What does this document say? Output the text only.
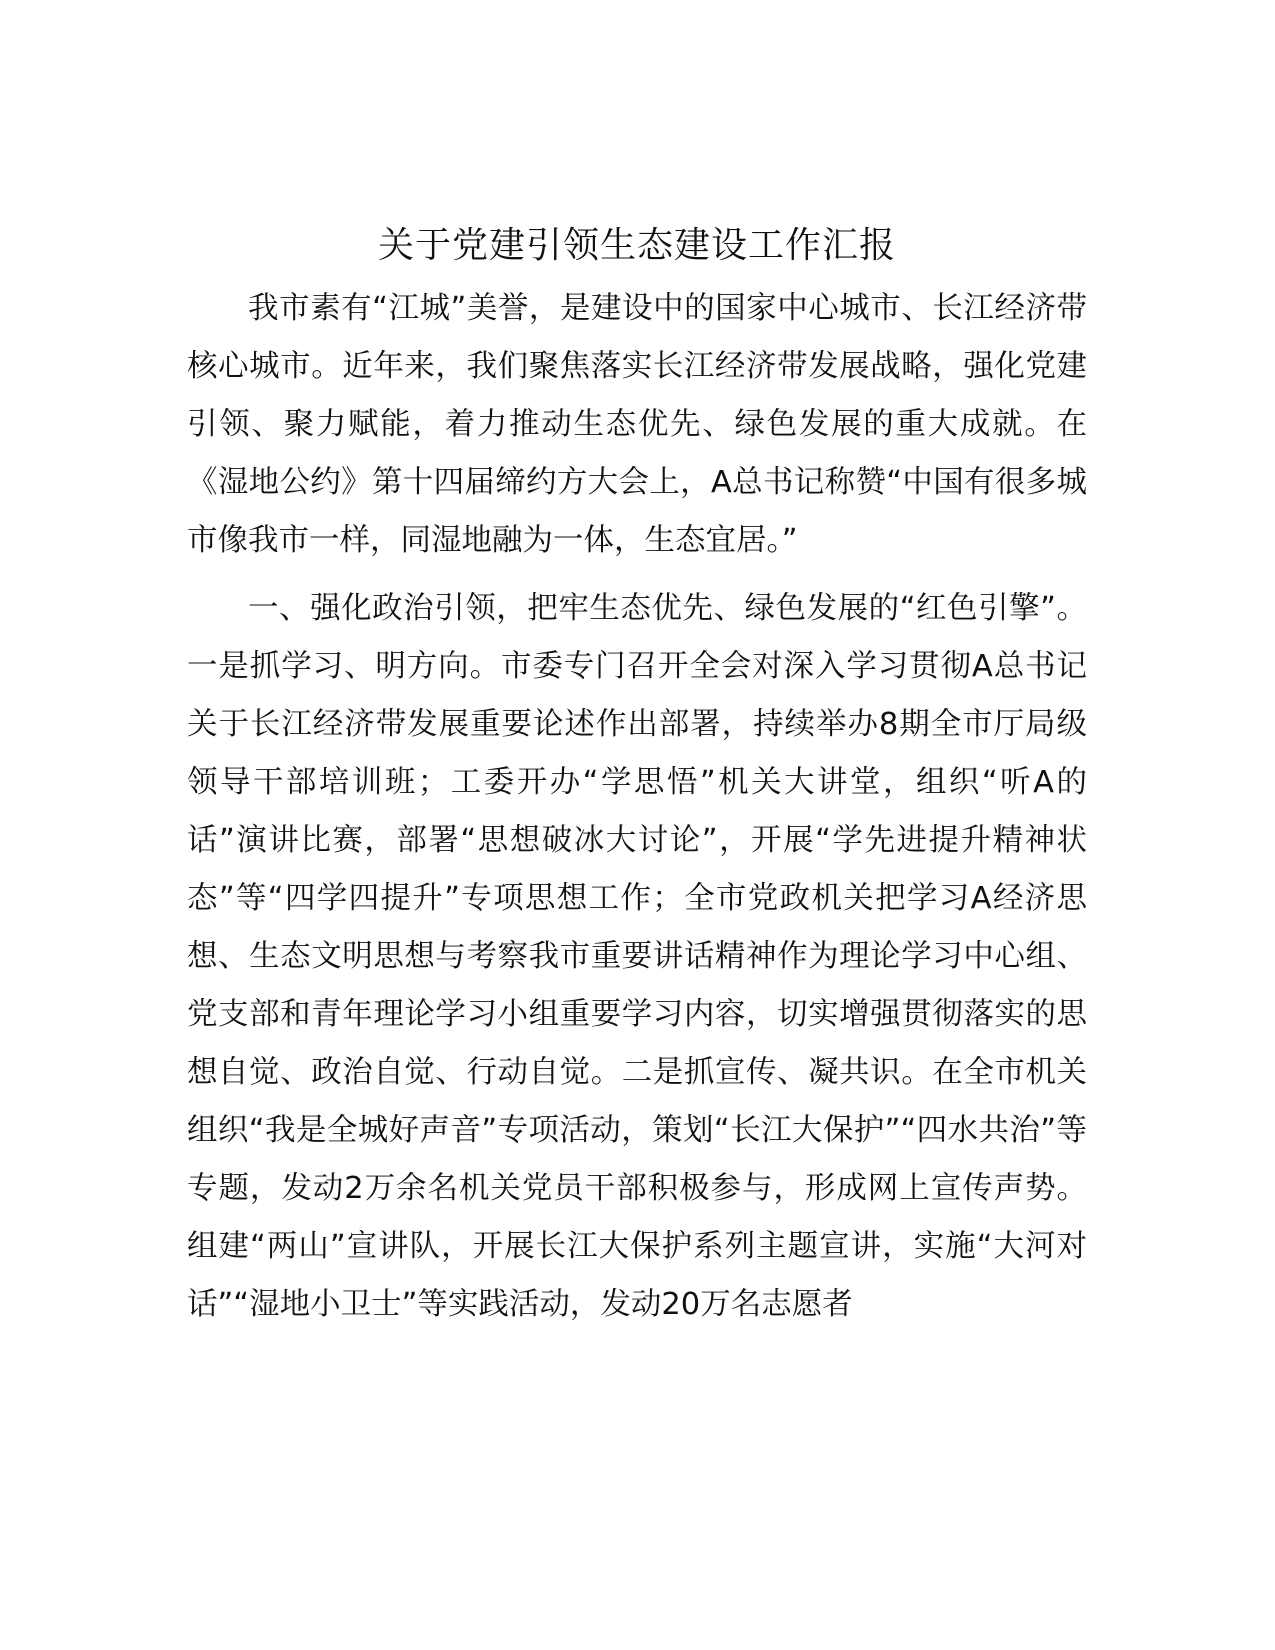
关于党建引领生态建设工作汇报

我市素有“江城”美誉，是建设中的国家中心城市、长江经济带核心城市。近年来，我们聚焦落实长江经济带发展战略，强化党建引领、聚力赋能，着力推动生态优先、绿色发展的重大成就。在《湿地公约》第十四届缔约方大会上，A总书记称赞“中国有很多城市像我市一样，同湿地融为一体，生态宜居。”

一、强化政治引领，把牢生态优先、绿色发展的“红色引擎”。一是抓学习、明方向。市委专门召开全会对深入学习贯彻A总书记关于长江经济带发展重要论述作出部署，持续举办8期全市厅局级领导干部培训班；工委开办“学思悟”机关大讲堂，组织“听A的话”演讲比赛，部署“思想破冰大讨论”，开展“学先进提升精神状态”等“四学四提升”专项思想工作；全市党政机关把学习A经济思想、生态文明思想与考察我市重要讲话精神作为理论学习中心组、党支部和青年理论学习小组重要学习内容，切实增强贯彻落实的思想自觉、政治自觉、行动自觉。二是抓宣传、凝共识。在全市机关组织“我是全城好声音”专项活动，策划“长江大保护”“四水共治”等专题，发动2万余名机关党员干部积极参与，形成网上宣传声势。组建“两山”宣讲队，开展长江大保护系列主题宣讲，实施“大河对话”“湿地小卫士”等实践活动，发动20万名志愿者
